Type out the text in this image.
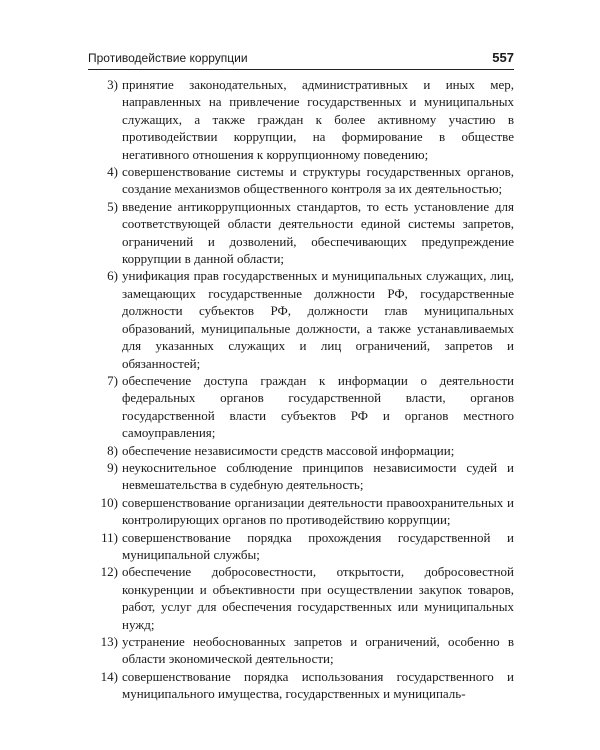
Противодействие коррупции	557
3) принятие законодательных, административных и иных мер, направленных на привлечение государственных и муниципальных служащих, а также граждан к более активному участию в противодействии коррупции, на формирование в обществе негативного отношения к коррупционному поведению;
4) совершенствование системы и структуры государственных органов, создание механизмов общественного контроля за их деятельностью;
5) введение антикоррупционных стандартов, то есть установление для соответствующей области деятельности единой системы запретов, ограничений и дозволений, обеспечивающих предупреждение коррупции в данной области;
6) унификация прав государственных и муниципальных служащих, лиц, замещающих государственные должности РФ, государственные должности субъектов РФ, должности глав муниципальных образований, муниципальные должности, а также устанавливаемых для указанных служащих и лиц ограничений, запретов и обязанностей;
7) обеспечение доступа граждан к информации о деятельности федеральных органов государственной власти, органов государственной власти субъектов РФ и органов местного самоуправления;
8) обеспечение независимости средств массовой информации;
9) неукоснительное соблюдение принципов независимости судей и невмешательства в судебную деятельность;
10) совершенствование организации деятельности правоохранительных и контролирующих органов по противодействию коррупции;
11) совершенствование порядка прохождения государственной и муниципальной службы;
12) обеспечение добросовестности, открытости, добросовестной конкуренции и объективности при осуществлении закупок товаров, работ, услуг для обеспечения государственных или муниципальных нужд;
13) устранение необоснованных запретов и ограничений, особенно в области экономической деятельности;
14) совершенствование порядка использования государственного и муниципального имущества, государственных и муниципаль-
